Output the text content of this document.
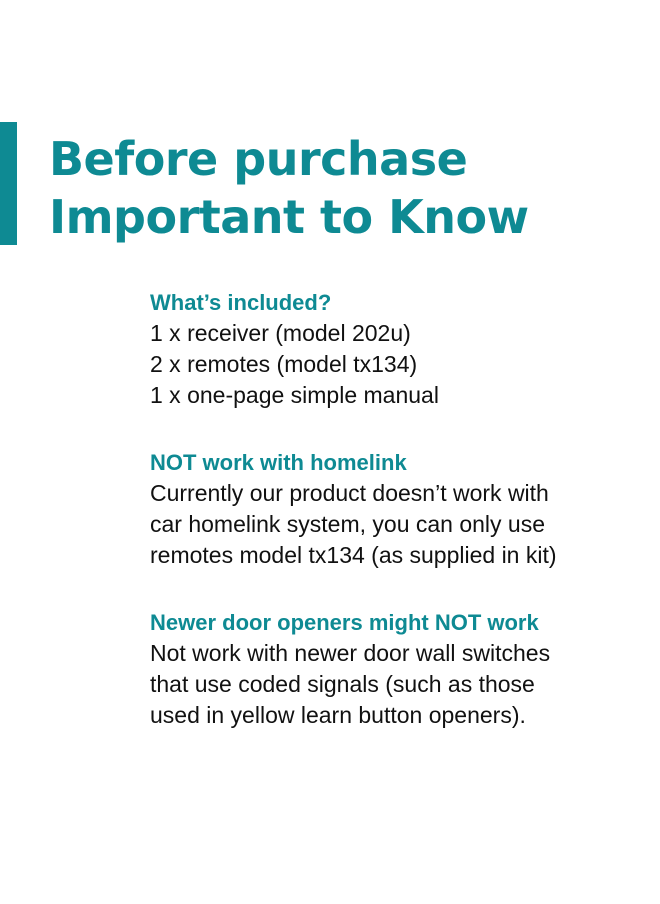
Before purchase
Important to Know

What’s included?

1 x receiver (model 202u)

2 x remotes (model tx134)

1 x one-page simple manual

NOT work with homelink

Currently our product doesn’t work with

car homelink system, you can only use

remotes model tx134 (as supplied in kit)

Newer door openers might NOT work

Not work with newer door wall switches

that use coded signals (such as those

used in yellow learn button openers).
